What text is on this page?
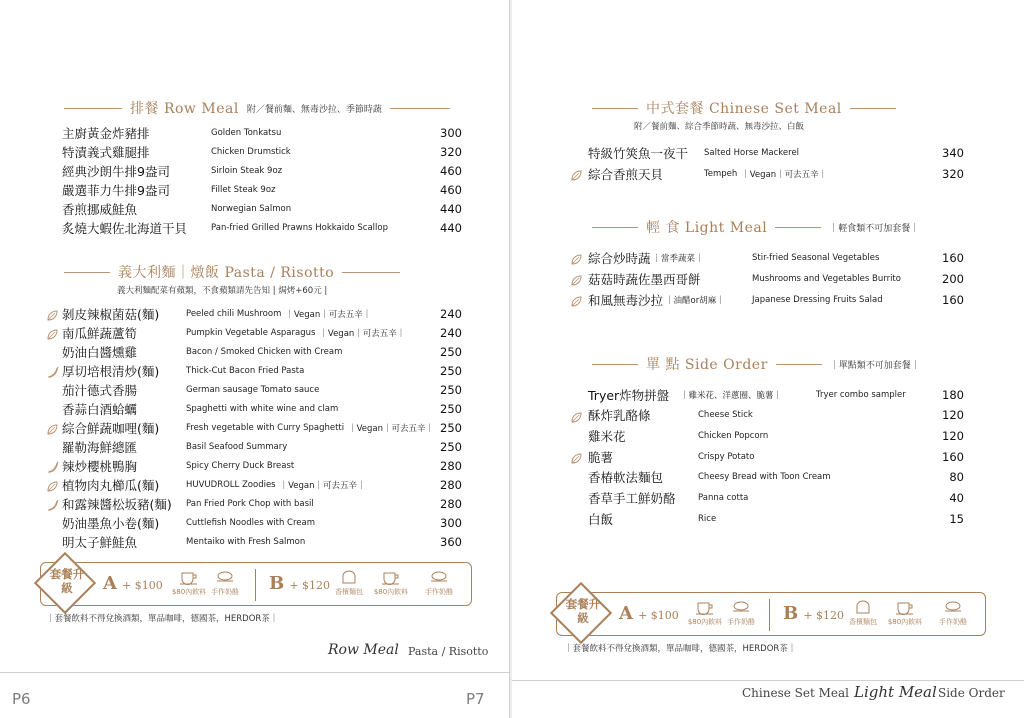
排餐 Row Meal 附／餐前麵、無毒沙拉、季節時蔬
主廚黃金炸豬排	Golden Tonkatsu	300
特漬義式雞腿排	Chicken Drumstick	320
經典沙朗牛排9盎司	Sirloin Steak 9oz	460
嚴選菲力牛排9盎司	Fillet Steak 9oz	460
香煎挪威鮭魚	Norwegian Salmon	440
炙燒大蝦佐北海道干貝	Pan-fried Grilled Prawns Hokkaido Scallop	440
義大利麵｜燉飯 Pasta / Risotto
義大利麵配菜有蘋類，不食蘋類請先告知 | 焗烤+60元 |
剝皮辣椒菌菇(麵)	Peeled chili Mushroom ｜Vegan｜可去五辛｜	240
南瓜鮮蔬蘆筍	Pumpkin Vegetable Asparagus ｜Vegan｜可去五辛｜	240
奶油白醬燻雞	Bacon / Smoked Chicken with Cream	250
厚切培根清炒(麵)	Thick-Cut Bacon Fried Pasta	250
茄汁德式香腸	German sausage Tomato sauce	250
香蒜白酒蛤蠣	Spaghetti with white wine and clam	250
綜合鮮蔬咖哩(麵)	Fresh vegetable with Curry Spaghetti ｜Vegan｜可去五辛｜ 250
羅勒海鮮總匯	Basil Seafood Summary	250
辣炒櫻桃鴨胸	Spicy Cherry Duck Breast	280
植物肉丸櫛瓜(麵)	HUVUDROLL Zoodies ｜Vegan｜可去五辛｜	280
和露辣醬松坂豬(麵) Pan Fried Pork Chop with basil	280
奶油墨魚小卷(麵)	Cuttlefish Noodles with Cream	300
明太子鮮鮭魚	Mentaiko with Fresh Salmon	360
套餐升級	A + $100	$80內飲料 手作奶酪	B + $120 香檳麵包	$80內飲料	手作奶酪
｜套餐飲料不得兌換酒類，單品咖啡，德國茶，HERDOR茶｜
Row Meal Pasta / Risotto
P6	P7
中式套餐 Chinese Set Meal
附／餐前麵、綜合季節時蔬、無毒沙拉、白飯
特級竹筴魚一夜干 Salted Horse Mackerel	340
綜合香煎天貝	Tempeh ｜Vegan｜可去五辛｜	320
輕 食 Light Meal	｜輕食類不可加套餐｜
綜合炒時蔬 ｜當季蔬菜｜	Stir-fried Seasonal Vegetables	160
菇菇時蔬佐墨西哥餅	Mushrooms and Vegetables Burrito	200
和風無毒沙拉 ｜油醋or胡麻｜	Japanese Dressing Fruits Salad	160
單 點 Side Order	｜單點類不可加套餐｜
Tryer炸物拼盤 ｜雞米花、洋蔥圈、脆薯｜	Tryer combo sampler	180
酥炸乳酪條	Cheese Stick	120
雞米花	Chicken Popcorn	120
脆薯	Crispy Potato	160
香椿軟法麵包	Cheesy Bread with Toon Cream	80
香草手工鮮奶酪	Panna cotta	40
白飯	Rice	15
套餐升級	A + $100	$80內飲料 手作奶酪	B + $120 香檳麵包	$80內飲料	手作奶酪
｜套餐飲料不得兌換酒類，單品咖啡，德國茶，HERDOR茶｜
Chinese Set Meal Light Meal Side Order
